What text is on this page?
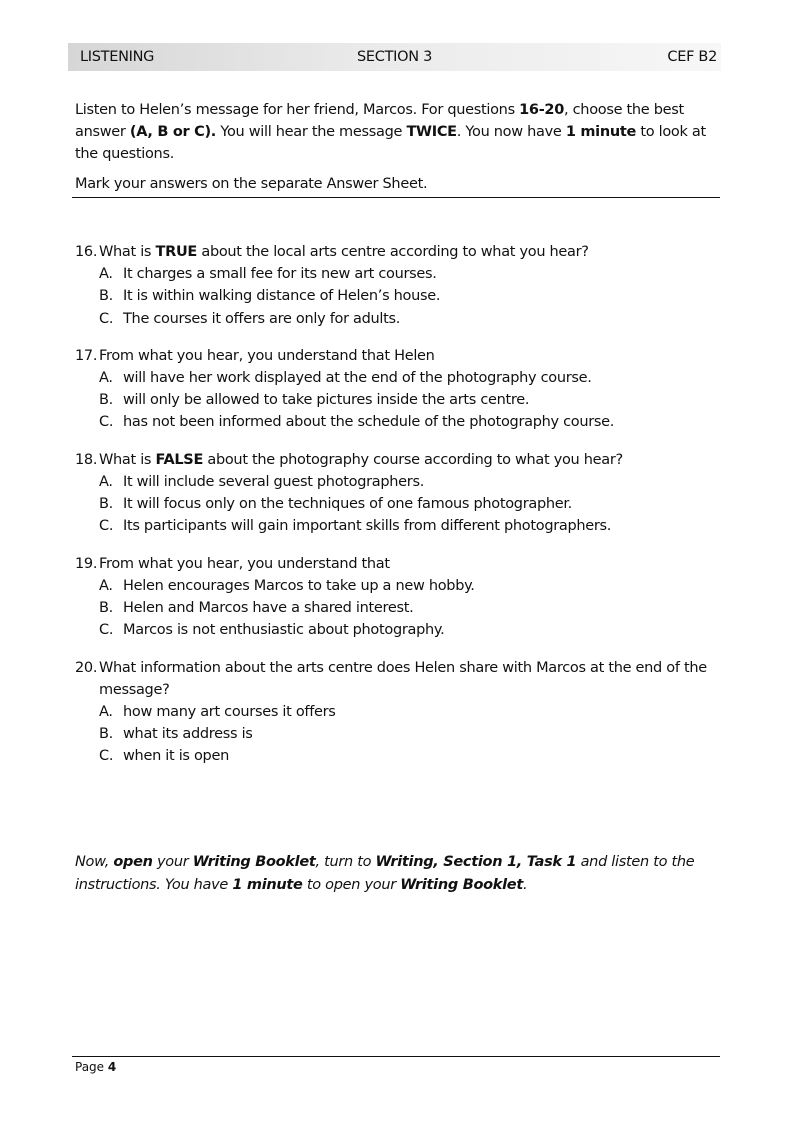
LISTENING	SECTION 3	CEF B2

Listen to Helen’s message for her friend, Marcos. For questions 16-20, choose the best answer (A, B or C). You will hear the message TWICE. You now have 1 minute to look at the questions.

Mark your answers on the separate Answer Sheet.

16. What is TRUE about the local arts centre according to what you hear?
A. It charges a small fee for its new art courses.
B. It is within walking distance of Helen’s house.
C. The courses it offers are only for adults.
17. From what you hear, you understand that Helen
A. will have her work displayed at the end of the photography course.
B. will only be allowed to take pictures inside the arts centre.
C. has not been informed about the schedule of the photography course.
18. What is FALSE about the photography course according to what you hear?
A. It will include several guest photographers.
B. It will focus only on the techniques of one famous photographer.
C. Its participants will gain important skills from different photographers.
19. From what you hear, you understand that
A. Helen encourages Marcos to take up a new hobby.
B. Helen and Marcos have a shared interest.
C. Marcos is not enthusiastic about photography.
20. What information about the arts centre does Helen share with Marcos at the end of the message?
A. how many art courses it offers
B. what its address is
C. when it is open
Now, open your Writing Booklet, turn to Writing, Section 1, Task 1 and listen to the instructions. You have 1 minute to open your Writing Booklet.
Page 4
